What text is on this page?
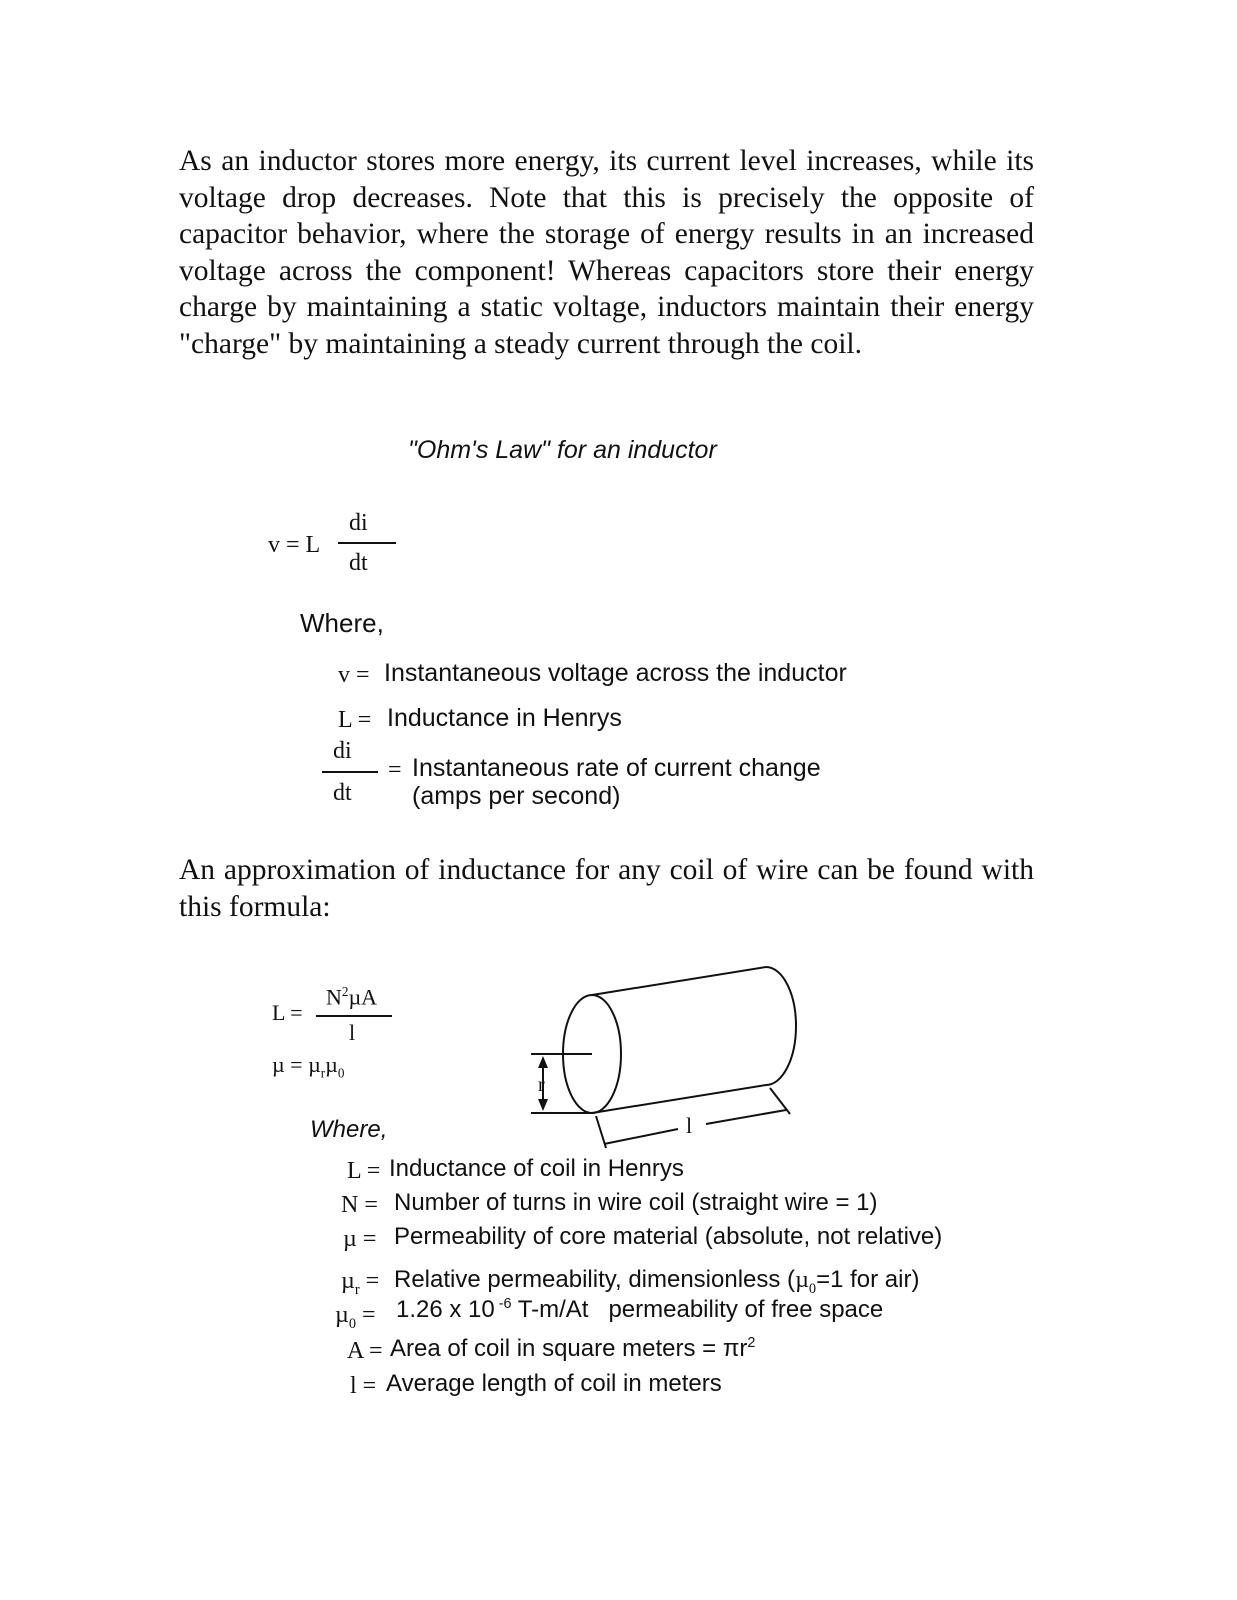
As an inductor stores more energy, its current level increases, while its voltage drop decreases. Note that this is precisely the opposite of capacitor behavior, where the storage of energy results in an increased voltage across the component! Whereas capacitors store their energy charge by maintaining a static voltage, inductors maintain their energy "charge" by maintaining a steady current through the coil.
"Ohm's Law" for an inductor
v = L
di
dt
Where,
v = Instantaneous voltage across the inductor
L = Inductance in Henrys
di
dt
= Instantaneous rate of current change
(amps per second)
An approximation of inductance for any coil of wire can be found with this formula:
L =
$N^2\mu A$
l
µ = µ$_r$µ$_0$
r
l
Where,
L = Inductance of coil in Henrys
N = Number of turns in wire coil (straight wire = 1)
µ = Permeability of core material (absolute, not relative)
µ$_r$ = Relative permeability, dimensionless (µ$_0$=1 for air)
µ$_0$ = 1.26 x 10 $^{-6}$ T-m/At   permeability of free space
A = Area of coil in square meters = $\pi r^2$
l = Average length of coil in meters
